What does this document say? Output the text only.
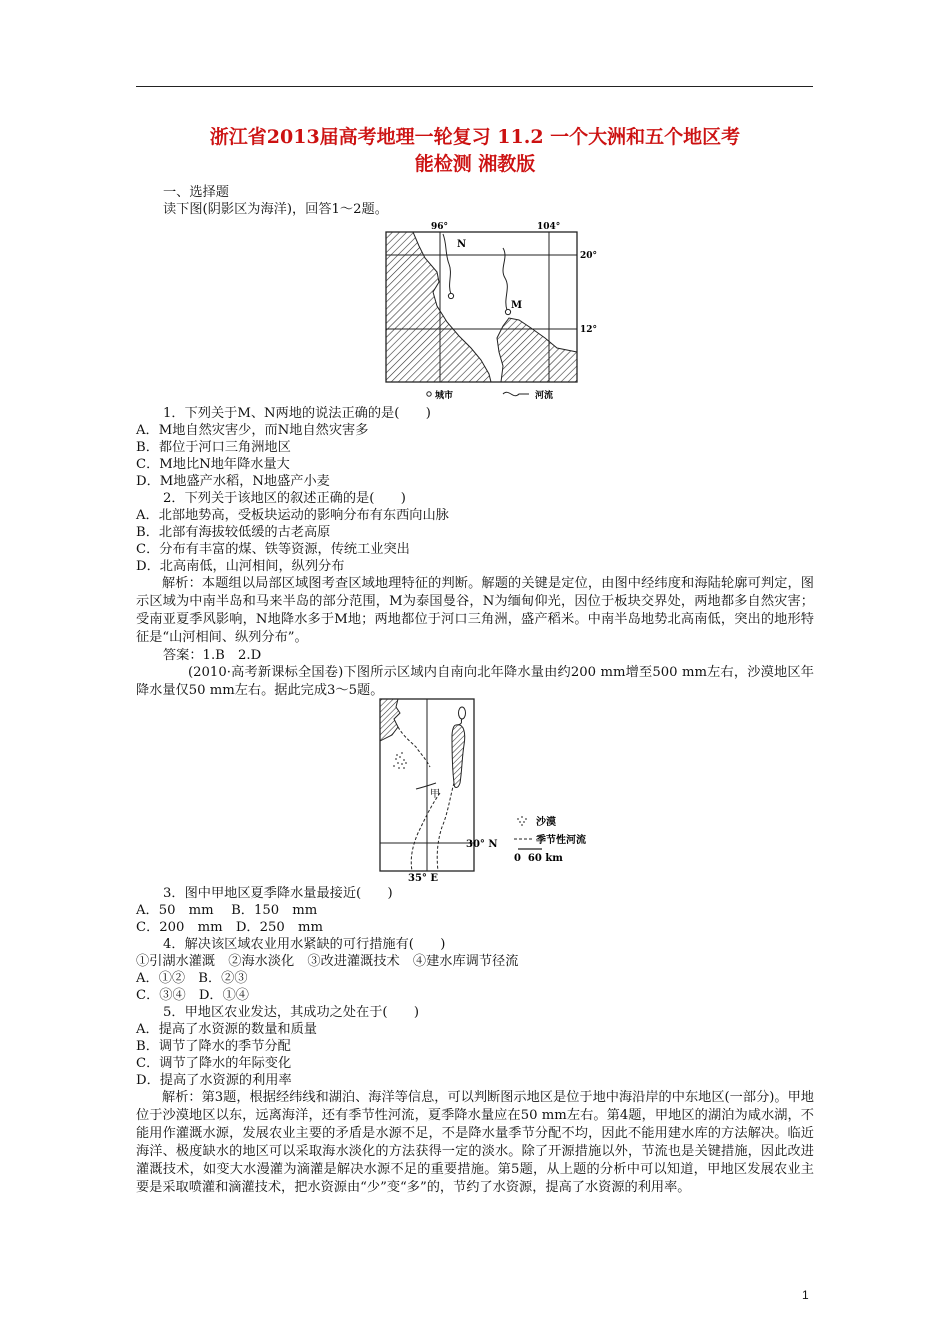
浙江省2013届高考地理一轮复习 11.2 一个大洲和五个地区考
能检测 湘教版
一、选择题
读下图(阴影区为海洋)，回答1～2题。
N
M
96°	104°
20°
12°
城市	河流
1．下列关于M、N两地的说法正确的是(　　)
A．M地自然灾害少，而N地自然灾害多
B．都位于河口三角洲地区
C．M地比N地年降水量大
D．M地盛产水稻，N地盛产小麦
2．下列关于该地区的叙述正确的是(　　)
A．北部地势高，受板块运动的影响分布有东西向山脉
B．北部有海拔较低缓的古老高原
C．分布有丰富的煤、铁等资源，传统工业突出
D．北高南低，山河相间，纵列分布
解析：本题组以局部区域图考查区域地理特征的判断。解题的关键是定位，由图中经纬度和海陆轮廓可判定，图示区域为中南半岛和马来半岛的部分范围，M为泰国曼谷，N为缅甸仰光，因位于板块交界处，两地都多自然灾害；受南亚夏季风影响，N地降水多于M地；两地都位于河口三角洲，盛产稻米。中南半岛地势北高南低，突出的地形特征是“山河相间、纵列分布”。
答案：1.B　2.D
(2010·高考新课标全国卷)下图所示区域内自南向北年降水量由约200 mm增至500 mm左右，沙漠地区年降水量仅50 mm左右。据此完成3～5题。
甲
30° N
35° E
沙漠
季节性河流
0  60 km
3．图中甲地区夏季降水量最接近(　　)
A．50　mm　 B．150　mm
C．200　mm　D．250　mm
4．解决该区域农业用水紧缺的可行措施有(　　)
①引湖水灌溉　②海水淡化　③改进灌溉技术　④建水库调节径流
A．①②　B．②③
C．③④　D．①④
5．甲地区农业发达，其成功之处在于(　　)
A．提高了水资源的数量和质量
B．调节了降水的季节分配
C．调节了降水的年际变化
D．提高了水资源的利用率
解析：第3题，根据经纬线和湖泊、海洋等信息，可以判断图示地区是位于地中海沿岸的中东地区(一部分)。甲地位于沙漠地区以东，远离海洋，还有季节性河流，夏季降水量应在50 mm左右。第4题，甲地区的湖泊为咸水湖，不能用作灌溉水源，发展农业主要的矛盾是水源不足，不是降水量季节分配不均，因此不能用建水库的方法解决。临近海洋、极度缺水的地区可以采取海水淡化的方法获得一定的淡水。除了开源措施以外，节流也是关键措施，因此改进灌溉技术，如变大水漫灌为滴灌是解决水源不足的重要措施。第5题，从上题的分析中可以知道，甲地区发展农业主要是采取喷灌和滴灌技术，把水资源由“少”变“多”的，节约了水资源，提高了水资源的利用率。
1
